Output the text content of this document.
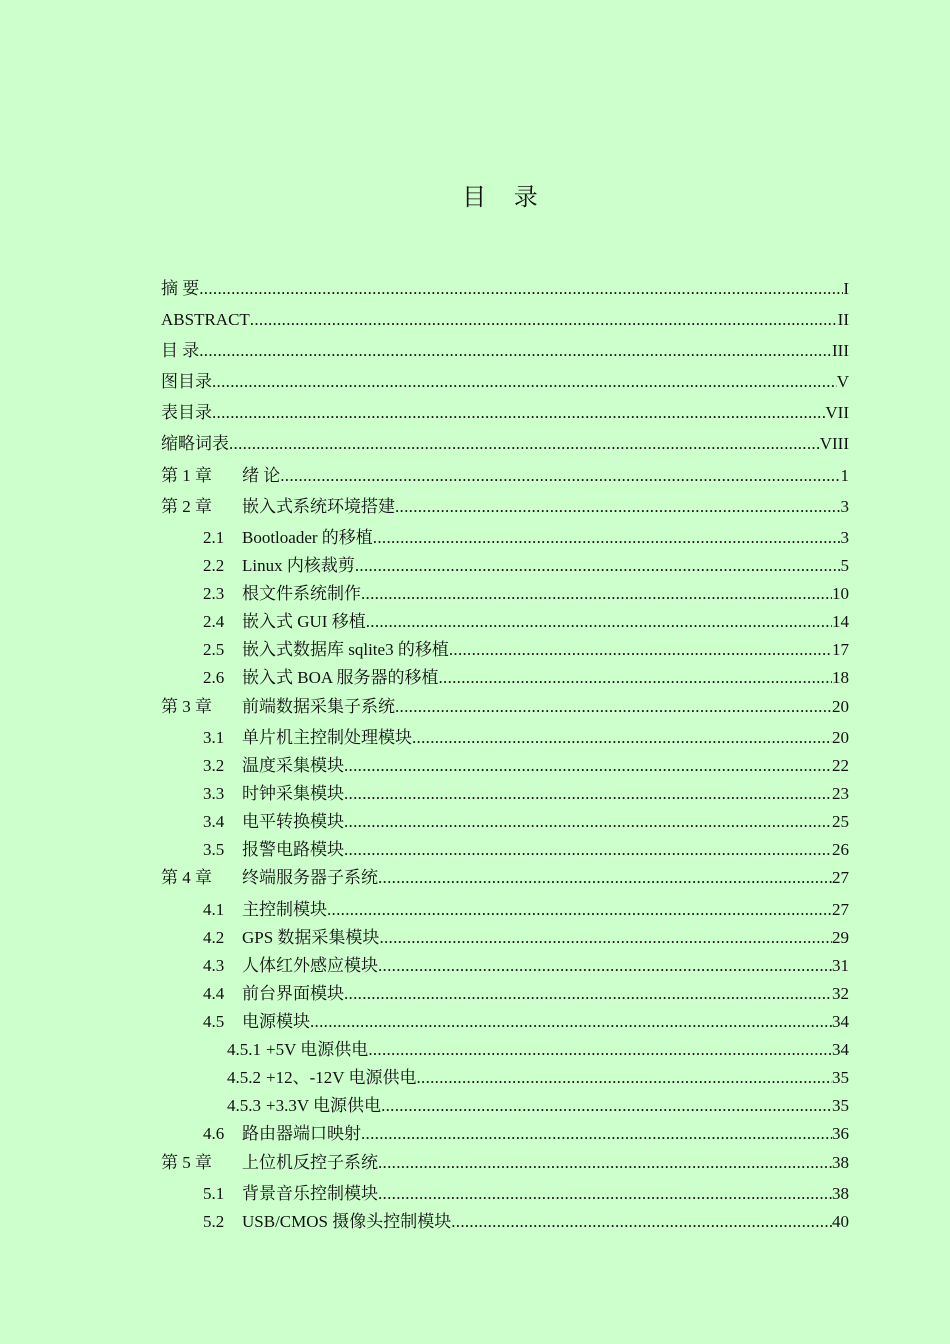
目 录
摘 要 .....	I
ABSTRACT .....	II
目 录 .....	III
图目录 .....	V
表目录 .....	VII
缩略词表 .....	VIII
第 1 章	绪 论 .....	1
第 2 章	嵌入式系统环境搭建 .....	3
2.1	Bootloader 的移植 .....	3
2.2	Linux 内核裁剪 .....	5
2.3	根文件系统制作 .....	10
2.4	嵌入式 GUI 移植 .....	14
2.5	嵌入式数据库 sqlite3 的移植 .....	17
2.6	嵌入式 BOA 服务器的移植 .....	18
第 3 章	前端数据采集子系统 .....	20
3.1	单片机主控制处理模块 .....	20
3.2	温度采集模块 .....	22
3.3	时钟采集模块 .....	23
3.4	电平转换模块 .....	25
3.5	报警电路模块 .....	26
第 4 章	终端服务器子系统 .....	27
4.1	主控制模块 .....	27
4.2	GPS 数据采集模块 .....	29
4.3	人体红外感应模块 .....	31
4.4	前台界面模块 .....	32
4.5	电源模块 .....	34
4.5.1 +5V 电源供电 .....	34
4.5.2 +12、-12V 电源供电 .....	35
4.5.3 +3.3V 电源供电 .....	35
4.6	路由器端口映射 .....	36
第 5 章	上位机反控子系统 .....	38
5.1	背景音乐控制模块 .....	38
5.2	USB/CMOS 摄像头控制模块 .....	40
